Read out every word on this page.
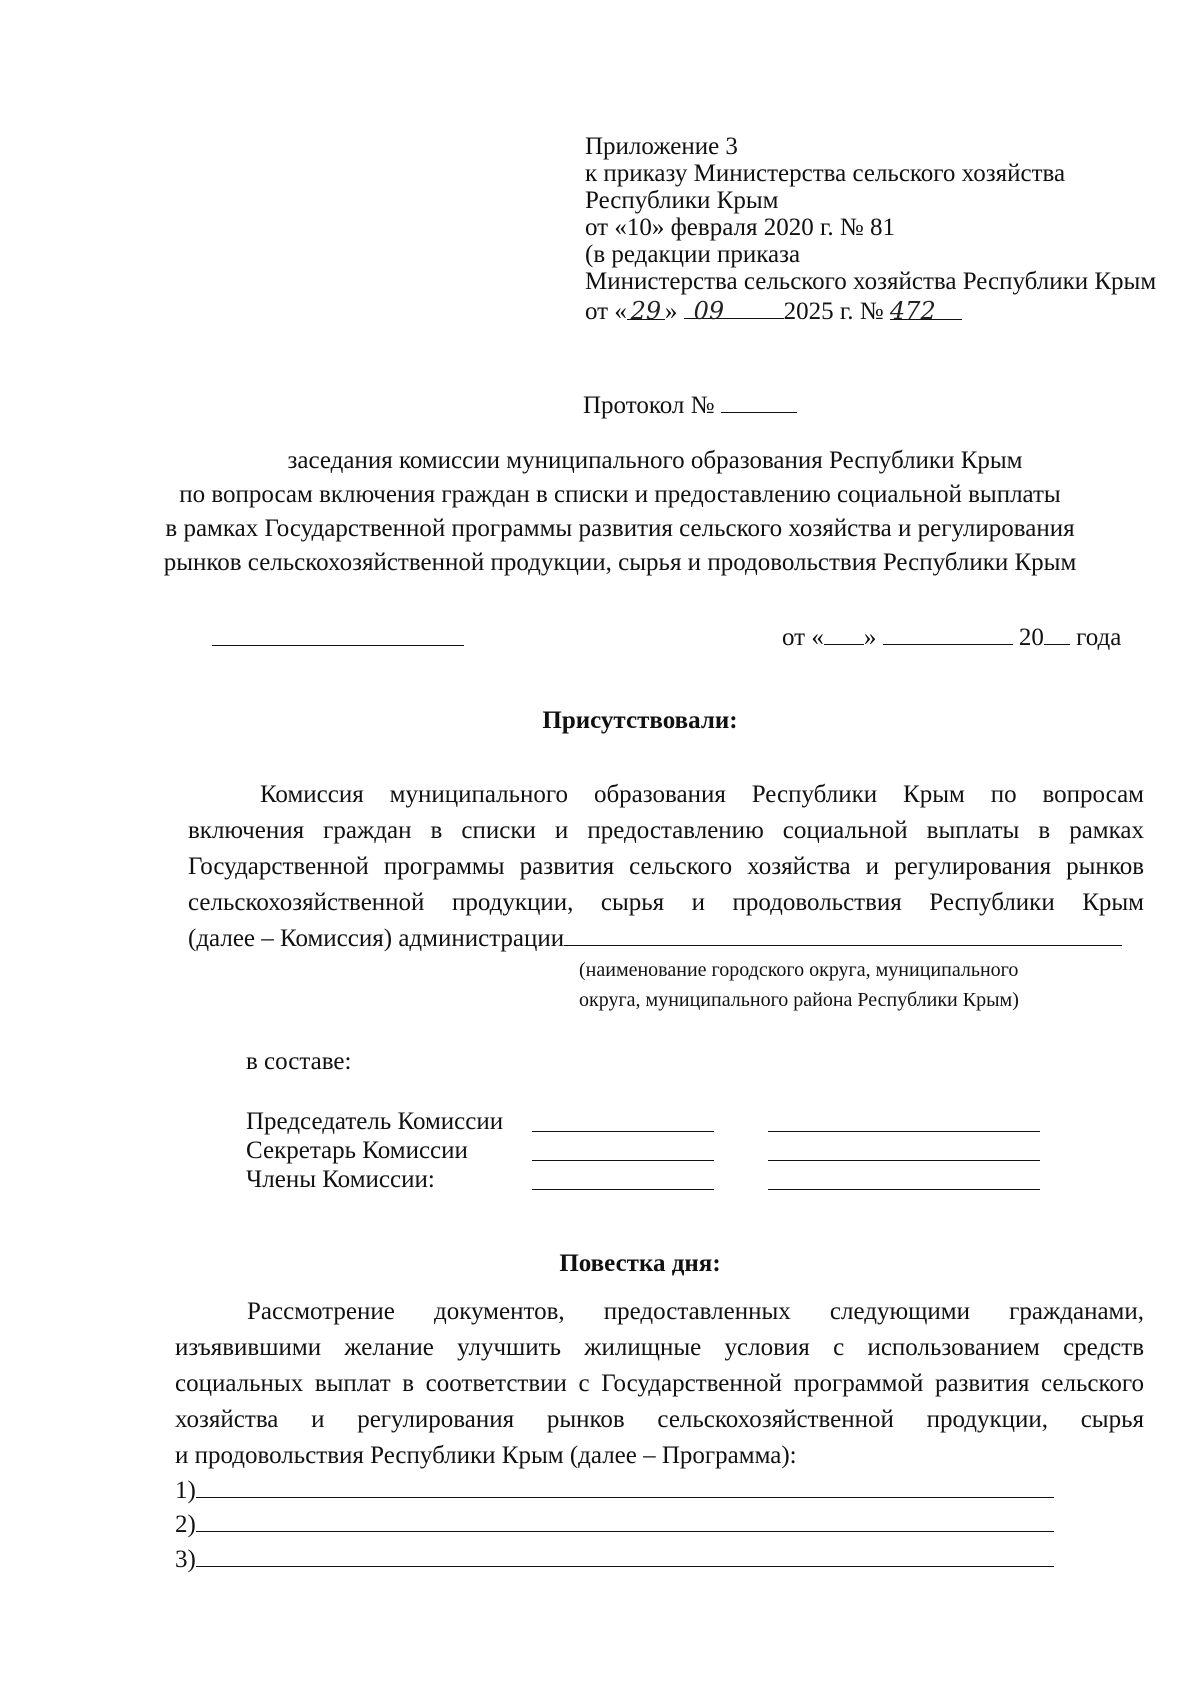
Приложение 3
к приказу Министерства сельского хозяйства
Республики Крым
от «10» февраля 2020 г. № 81
(в редакции приказа
Министерства сельского хозяйства Республики Крым
от « 29 » 09 2025 г. № 472
Протокол №
заседания комиссии муниципального образования Республики Крым
по вопросам включения граждан в списки и предоставлению социальной выплаты
в рамках Государственной программы развития сельского хозяйства и регулирования
рынков сельскохозяйственной продукции, сырья и продовольствия Республики Крым
от « »	20 года
Присутствовали:
Комиссия муниципального образования Республики Крым по вопросам
включения граждан в списки и предоставлению социальной выплаты в рамках
Государственной программы развития сельского хозяйства и регулирования рынков
сельскохозяйственной продукции, сырья и продовольствия Республики Крым
(далее – Комиссия) администрации
(наименование городского округа, муниципального
округа, муниципального района Республики Крым)
в составе:
Председатель Комиссии
Секретарь Комиссии
Члены Комиссии:
Повестка дня:
Рассмотрение документов, предоставленных следующими гражданами,
изъявившими желание улучшить жилищные условия с использованием средств
социальных выплат в соответствии с Государственной программой развития сельского
хозяйства и регулирования рынков сельскохозяйственной продукции, сырья
и продовольствия Республики Крым (далее – Программа):
1)
2)
3)
